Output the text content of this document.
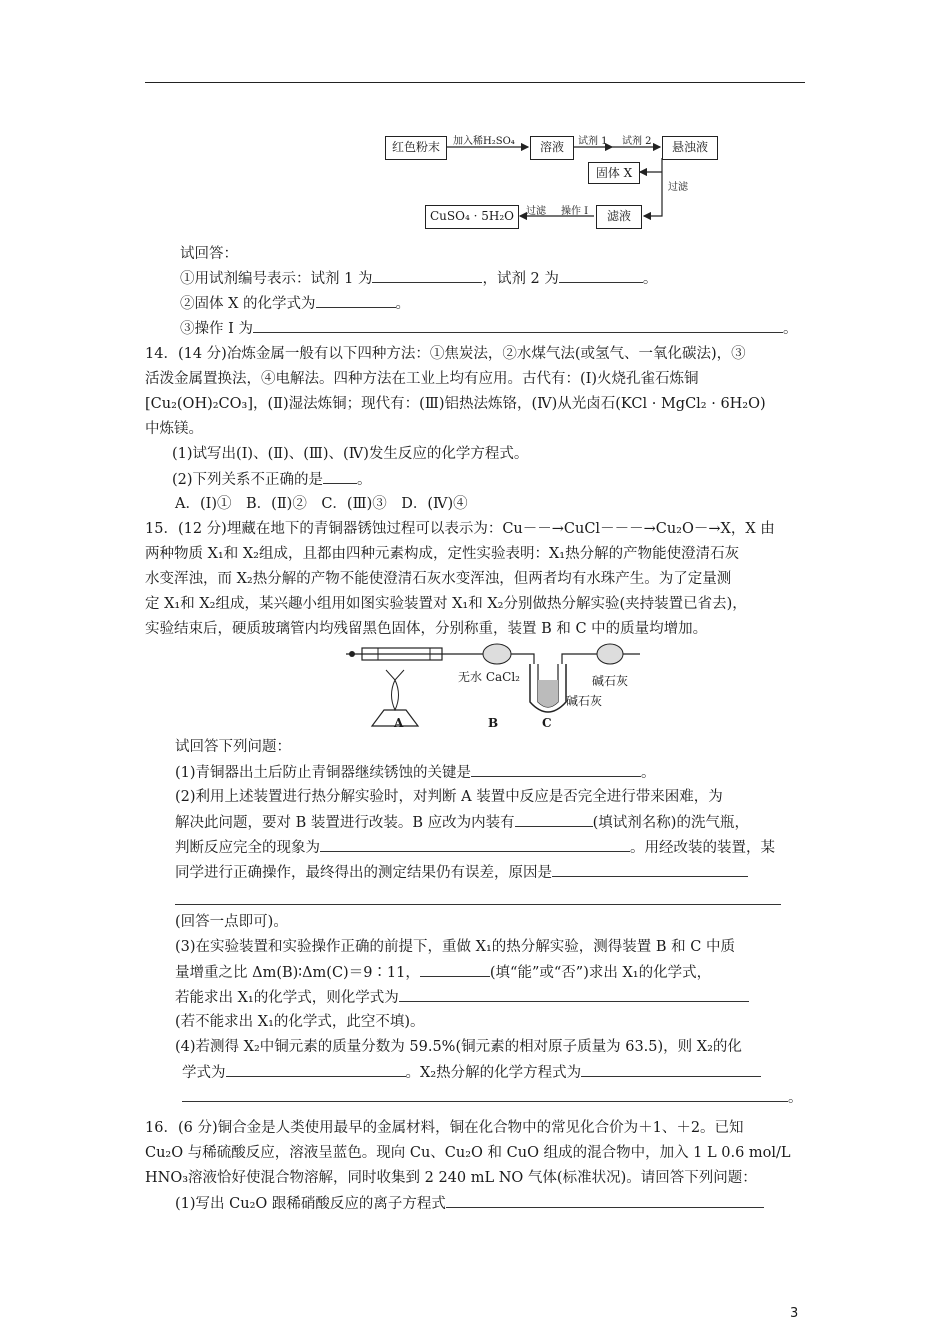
红色粉末	加入稀H₂SO₄	溶液	试剂 1 试剂 2	悬浊液
固体 X
过滤
滤液
操作 Ⅰ
过滤
CuSO₄ · 5H₂O
试回答：
①用试剂编号表示：试剂 1 为	，试剂 2 为	。
②固体 X 的化学式为	。
③操作 Ⅰ 为	。
14．(14 分)冶炼金属一般有以下四种方法：①焦炭法，②水煤气法(或氢气、一氧化碳法)，③
活泼金属置换法，④电解法。四种方法在工业上均有应用。古代有：(Ⅰ)火烧孔雀石炼铜
[Cu₂(OH)₂CO₃]，(Ⅱ)湿法炼铜；现代有：(Ⅲ)铝热法炼铬，(Ⅳ)从光卤石(KCl · MgCl₂ · 6H₂O)
中炼镁。
(1)试写出(Ⅰ)、(Ⅱ)、(Ⅲ)、(Ⅳ)发生反应的化学方程式。
(2)下列关系不正确的是 。
A．(Ⅰ)①　B．(Ⅱ)②　C．(Ⅲ)③　D．(Ⅳ)④
15．(12 分)埋藏在地下的青铜器锈蚀过程可以表示为：Cu－－→CuCl－－－→Cu₂O－→X，X 由
两种物质 X₁和 X₂组成，且都由四种元素构成，定性实验表明：X₁热分解的产物能使澄清石灰
水变浑浊，而 X₂热分解的产物不能使澄清石灰水变浑浊，但两者均有水珠产生。为了定量测
定 X₁和 X₂组成，某兴趣小组用如图实验装置对 X₁和 X₂分别做热分解实验(夹持装置已省去)，
实验结束后，硬质玻璃管内均残留黑色固体，分别称重，装置 B 和 C 中的质量均增加。
无水 CaCl₂	碱石灰
碱石灰
A	B	C
试回答下列问题：
(1)青铜器出土后防止青铜器继续锈蚀的关键是	。
(2)利用上述装置进行热分解实验时，对判断 A 装置中反应是否完全进行带来困难，为
解决此问题，要对 B 装置进行改装。B 应改为内装有	(填试剂名称)的洗气瓶，
判断反应完全的现象为	。用经改装的装置，某
同学进行正确操作，最终得出的测定结果仍有误差，原因是
(回答一点即可)。
(3)在实验装置和实验操作正确的前提下，重做 X₁的热分解实验，测得装置 B 和 C 中质
量增重之比 Δm(B)∶Δm(C)＝9∶11，	(填“能”或“否”)求出 X₁的化学式，
若能求出 X₁的化学式，则化学式为
(若不能求出 X₁的化学式，此空不填)。
(4)若测得 X₂中铜元素的质量分数为 59.5%(铜元素的相对原子质量为 63.5)，则 X₂的化
学式为	。X₂热分解的化学方程式为
。
16．(6 分)铜合金是人类使用最早的金属材料，铜在化合物中的常见化合价为＋1、＋2。已知
Cu₂O 与稀硫酸反应，溶液呈蓝色。现向 Cu、Cu₂O 和 CuO 组成的混合物中，加入 1 L 0.6 mol/L
HNO₃溶液恰好使混合物溶解，同时收集到 2 240 mL NO 气体(标准状况)。请回答下列问题：
(1)写出 Cu₂O 跟稀硝酸反应的离子方程式
3
